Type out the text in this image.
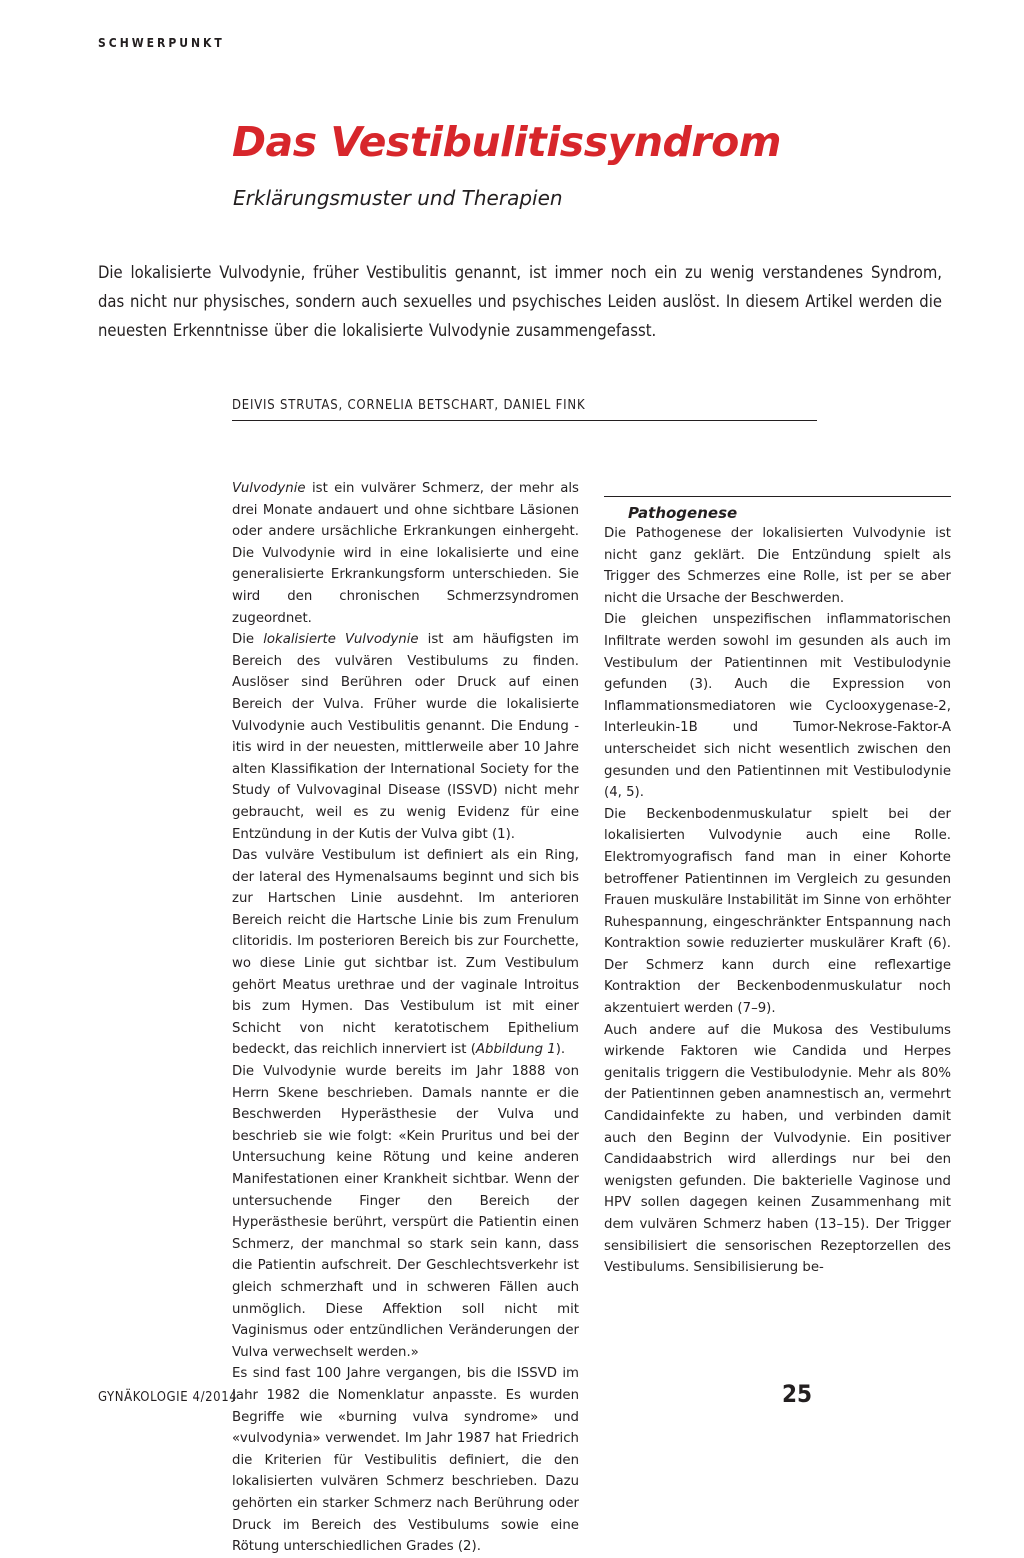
SCHWERPUNKT
Das Vestibulitissyndrom
Erklärungsmuster und Therapien
Die lokalisierte Vulvodynie, früher Vestibulitis genannt, ist immer noch ein zu wenig verstandenes Syndrom, das nicht nur physisches, sondern auch sexuelles und psychisches Leiden auslöst. In diesem Artikel werden die neuesten Erkenntnisse über die lokalisierte Vulvodynie zusammengefasst.
DEIVIS STRUTAS, CORNELIA BETSCHART, DANIEL FINK

Vulvodynie ist ein vulvärer Schmerz, der mehr als drei Monate andauert und ohne sichtbare Läsionen oder andere ursächliche Erkrankungen einhergeht. Die Vulvodynie wird in eine lokalisierte und eine generalisierte Erkrankungsform unterschieden. Sie wird den chronischen Schmerzsyndromen zugeordnet.

Die lokalisierte Vulvodynie ist am häufigsten im Bereich des vulvären Vestibulums zu finden. Auslöser sind Berühren oder Druck auf einen Bereich der Vulva. Früher wurde die lokalisierte Vulvodynie auch Vestibulitis genannt. Die Endung -itis wird in der neuesten, mittlerweile aber 10 Jahre alten Klassifikation der International Society for the Study of Vulvovaginal Disease (ISSVD) nicht mehr gebraucht, weil es zu wenig Evidenz für eine Entzündung in der Kutis der Vulva gibt (1).

Das vulväre Vestibulum ist definiert als ein Ring, der lateral des Hymenalsaums beginnt und sich bis zur Hartschen Linie ausdehnt. Im anterioren Bereich reicht die Hartsche Linie bis zum Frenulum clitoridis. Im posterioren Bereich bis zur Fourchette, wo diese Linie gut sichtbar ist. Zum Vestibulum gehört Meatus urethrae und der vaginale Introitus bis zum Hymen. Das Vestibulum ist mit einer Schicht von nicht keratotischem Epithelium bedeckt, das reichlich innerviert ist (Abbildung 1).

Die Vulvodynie wurde bereits im Jahr 1888 von Herrn Skene beschrieben. Damals nannte er die Beschwerden Hyperästhesie der Vulva und beschrieb sie wie folgt: «Kein Pruritus und bei der Untersuchung keine Rötung und keine anderen Manifestationen einer Krankheit sichtbar. Wenn der untersuchende Finger den Bereich der Hyperästhesie berührt, verspürt die Patientin einen Schmerz, der manchmal so stark sein kann, dass die Patientin aufschreit. Der Geschlechtsverkehr ist gleich schmerzhaft und in schweren Fällen auch unmöglich. Diese Affektion soll nicht mit Vaginismus oder entzündlichen Veränderungen der Vulva verwechselt werden.»

Es sind fast 100 Jahre vergangen, bis die ISSVD im Jahr 1982 die Nomenklatur anpasste. Es wurden Begriffe wie «burning vulva syndrome» und «vulvodynia» verwendet. Im Jahr 1987 hat Friedrich die Kriterien für Vestibulitis definiert, die den lokalisierten vulvären Schmerz beschrieben. Dazu gehörten ein starker Schmerz nach Berührung oder Druck im Bereich des Vestibulums sowie eine Rötung unterschiedlichen Grades (2).

Pathogenese

Die Pathogenese der lokalisierten Vulvodynie ist nicht ganz geklärt. Die Entzündung spielt als Trigger des Schmerzes eine Rolle, ist per se aber nicht die Ursache der Beschwerden.

Die gleichen unspezifischen inflammatorischen Infiltrate werden sowohl im gesunden als auch im Vestibulum der Patientinnen mit Vestibulodynie gefunden (3). Auch die Expression von Inflammationsmediatoren wie Cyclooxygenase-2, Interleukin-1B und Tumor-Nekrose-Faktor-A unterscheidet sich nicht wesentlich zwischen den gesunden und den Patientinnen mit Vestibulodynie (4, 5).

Die Beckenbodenmuskulatur spielt bei der lokalisierten Vulvodynie auch eine Rolle. Elektromyografisch fand man in einer Kohorte betroffener Patientinnen im Vergleich zu gesunden Frauen muskuläre Instabilität im Sinne von erhöhter Ruhespannung, eingeschränkter Entspannung nach Kontraktion sowie reduzierter muskulärer Kraft (6). Der Schmerz kann durch eine reflexartige Kontraktion der Beckenbodenmuskulatur noch akzentuiert werden (7–9).

Auch andere auf die Mukosa des Vestibulums wirkende Faktoren wie Candida und Herpes genitalis triggern die Vestibulodynie. Mehr als 80% der Patientinnen geben anamnestisch an, vermehrt Candidainfekte zu haben, und verbinden damit auch den Beginn der Vulvodynie. Ein positiver Candidaabstrich wird allerdings nur bei den wenigsten gefunden. Die bakterielle Vaginose und HPV sollen dagegen keinen Zusammenhang mit dem vulvären Schmerz haben (13–15). Der Trigger sensibilisiert die sensorischen Rezeptorzellen des Vestibulums. Sensibilisierung be-

GYNÄKOLOGIE 4/2014	25
